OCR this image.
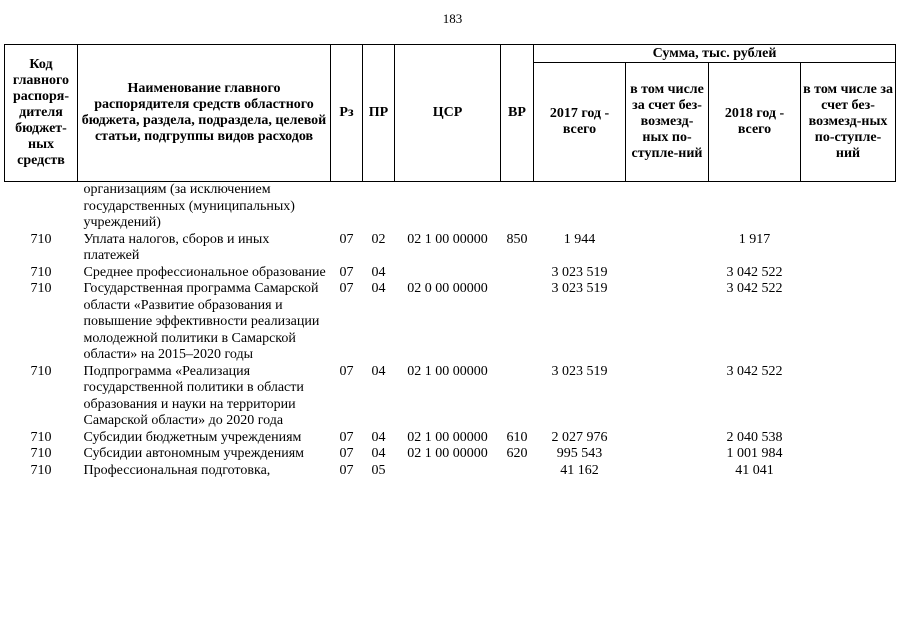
183
Код главного распоря-дителя бюджет-ных средств	Наименование главного распорядителя средств областного бюджета, раздела, подраздела, целевой статьи, подгруппы видов расходов	Рз	ПР	ЦСР	ВР	Сумма, тыс. рублей			
						2017 год - всего	в том числе за счет без-возмезд-ных по-ступле-ний	2018 год - всего	в том числе за счет без-возмезд-ных по-ступле-ний
	организациям (за исключением государственных (муниципальных) учреждений)								
710	Уплата налогов, сборов и иных платежей	07	02	02 1 00 00000	850	1 944		1 917	
710	Среднее профессиональное образование	07	04			3 023 519		3 042 522	
710	Государственная программа Самарской области «Развитие образования и повышение эффективности реализации молодежной политики в Самарской области» на 2015–2020 годы	07	04	02 0 00 00000		3 023 519		3 042 522	
710	Подпрограмма «Реализация государственной политики в области образования и науки на территории Самарской области» до 2020 года	07	04	02 1 00 00000		3 023 519		3 042 522	
710	Субсидии бюджетным учреждениям	07	04	02 1 00 00000	610	2 027 976		2 040 538	
710	Субсидии автономным учреждениям	07	04	02 1 00 00000	620	995 543		1 001 984	
710	Профессиональная подготовка,	07	05			41 162		41 041	
